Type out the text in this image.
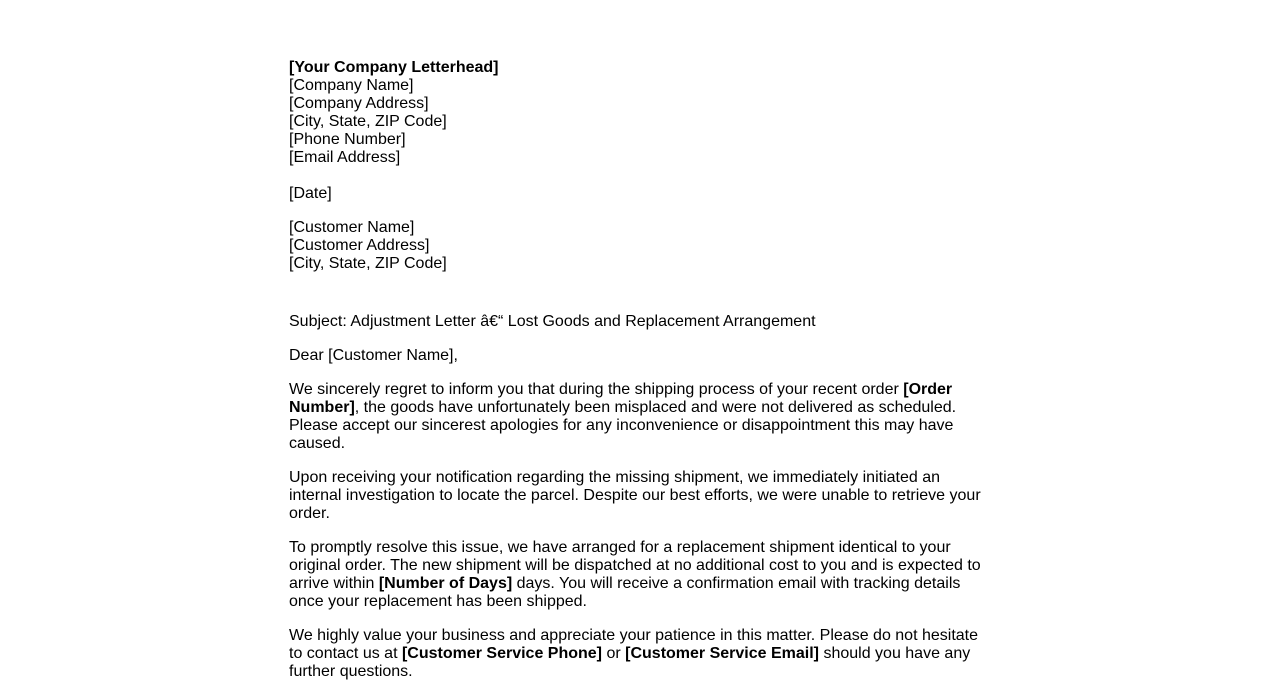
[Your Company Letterhead]
[Company Name]
[Company Address]
[City, State, ZIP Code]
[Phone Number]
[Email Address]
[Date]
[Customer Name]
[Customer Address]
[City, State, ZIP Code]

Subject: Adjustment Letter â€“ Lost Goods and Replacement Arrangement

Dear [Customer Name],

We sincerely regret to inform you that during the shipping process of your recent order [Order Number], the goods have unfortunately been misplaced and were not delivered as scheduled. Please accept our sincerest apologies for any inconvenience or disappointment this may have caused.

Upon receiving your notification regarding the missing shipment, we immediately initiated an internal investigation to locate the parcel. Despite our best efforts, we were unable to retrieve your order.

To promptly resolve this issue, we have arranged for a replacement shipment identical to your original order. The new shipment will be dispatched at no additional cost to you and is expected to arrive within [Number of Days] days. You will receive a confirmation email with tracking details once your replacement has been shipped.

We highly value your business and appreciate your patience in this matter. Please do not hesitate to contact us at [Customer Service Phone] or [Customer Service Email] should you have any further questions.
